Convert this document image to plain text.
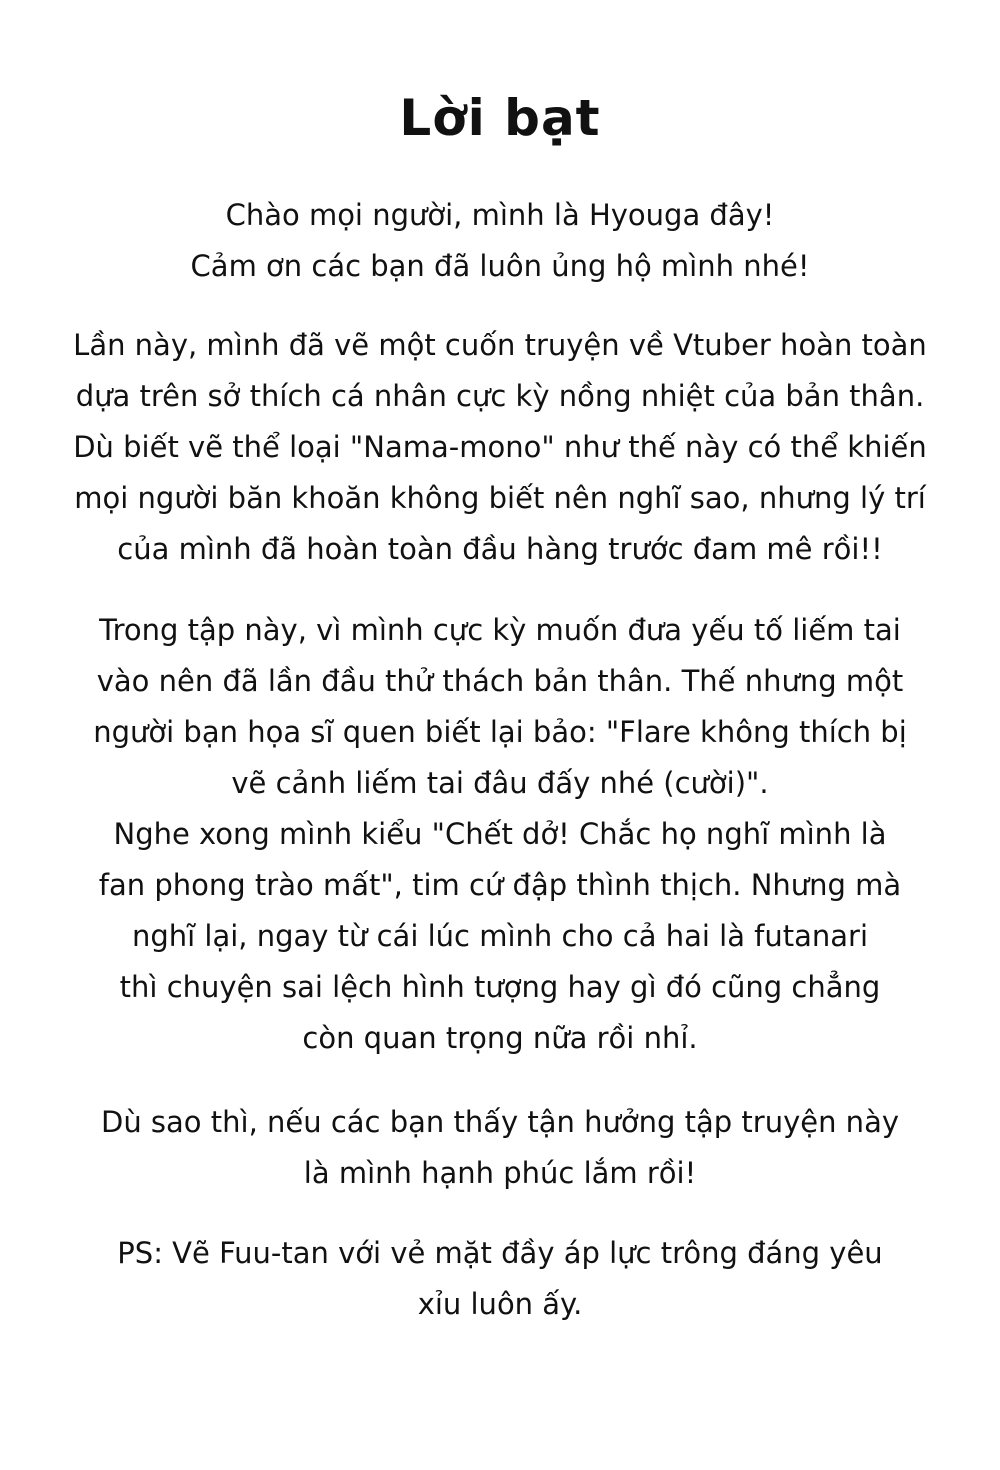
Lời bạt

Chào mọi người, mình là Hyouga đây!
Cảm ơn các bạn đã luôn ủng hộ mình nhé!

Lần này, mình đã vẽ một cuốn truyện về Vtuber hoàn toàn
dựa trên sở thích cá nhân cực kỳ nồng nhiệt của bản thân.
Dù biết vẽ thể loại "Nama-mono" như thế này có thể khiến
mọi người băn khoăn không biết nên nghĩ sao, nhưng lý trí
của mình đã hoàn toàn đầu hàng trước đam mê rồi!!

Trong tập này, vì mình cực kỳ muốn đưa yếu tố liếm tai
vào nên đã lần đầu thử thách bản thân. Thế nhưng một
người bạn họa sĩ quen biết lại bảo: "Flare không thích bị
vẽ cảnh liếm tai đâu đấy nhé (cười)".
Nghe xong mình kiểu "Chết dở! Chắc họ nghĩ mình là
fan phong trào mất", tim cứ đập thình thịch. Nhưng mà
nghĩ lại, ngay từ cái lúc mình cho cả hai là futanari
thì chuyện sai lệch hình tượng hay gì đó cũng chẳng
còn quan trọng nữa rồi nhỉ.

Dù sao thì, nếu các bạn thấy tận hưởng tập truyện này
là mình hạnh phúc lắm rồi!

PS: Vẽ Fuu-tan với vẻ mặt đầy áp lực trông đáng yêu
xỉu luôn ấy.
